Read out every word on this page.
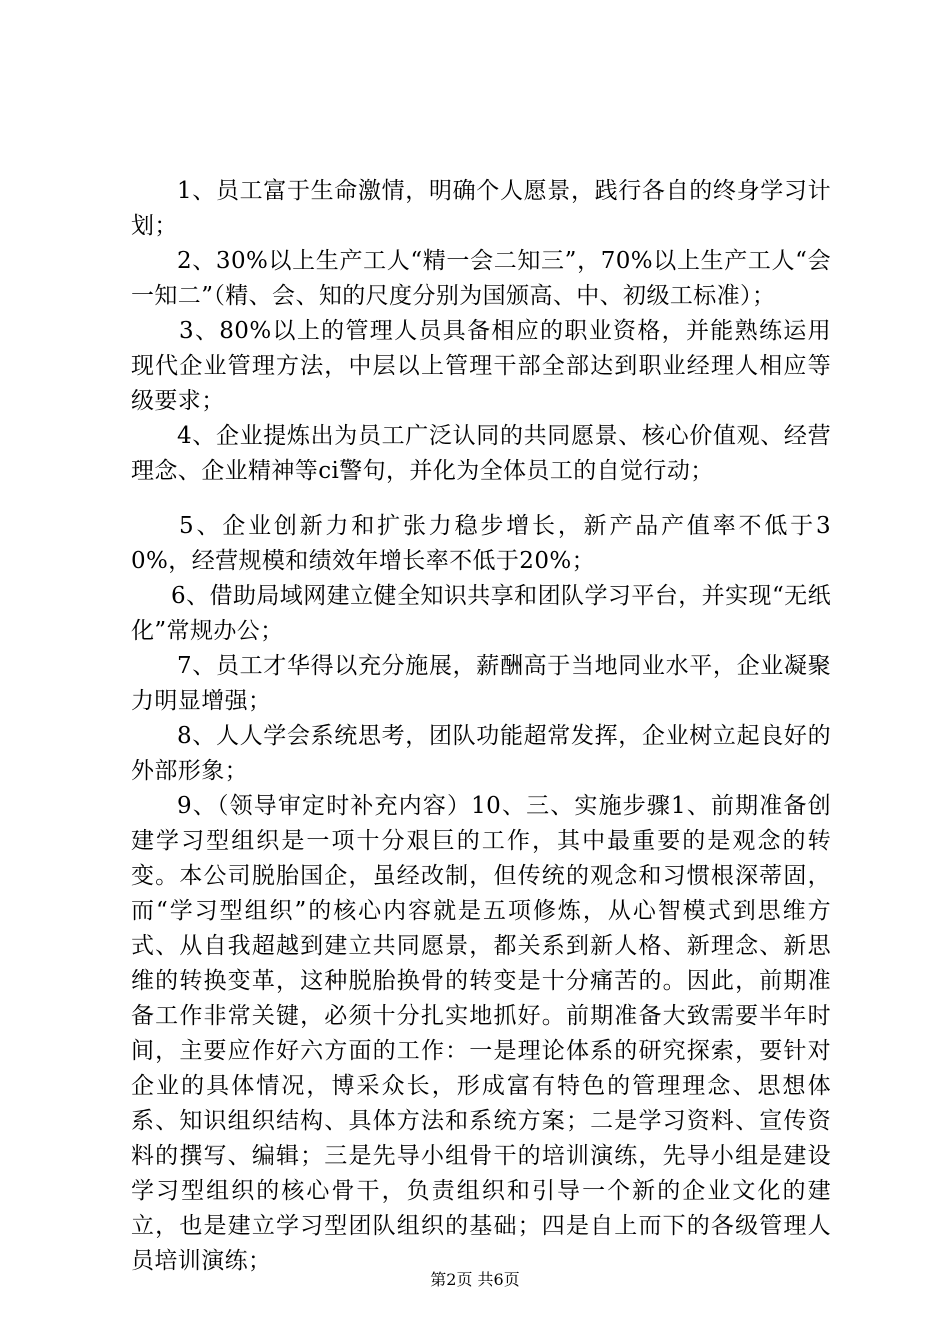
1、员工富于生命激情，明确个人愿景，践行各自的终身学习计划；

2、30%以上生产工人“精一会二知三”，70%以上生产工人“会一知二”（精、会、知的尺度分别为国颁高、中、初级工标准）；

3、80%以上的管理人员具备相应的职业资格，并能熟练运用现代企业管理方法，中层以上管理干部全部达到职业经理人相应等级要求；

4、企业提炼出为员工广泛认同的共同愿景、核心价值观、经营理念、企业精神等ci警句，并化为全体员工的自觉行动；

5、企业创新力和扩张力稳步增长，新产品产值率不低于30%，经营规模和绩效年增长率不低于20%；

6、借助局域网建立健全知识共享和团队学习平台，并实现“无纸化”常规办公；

7、员工才华得以充分施展，薪酬高于当地同业水平，企业凝聚力明显增强；

8、人人学会系统思考，团队功能超常发挥，企业树立起良好的外部形象；

9、（领导审定时补充内容）10、三、实施步骤1、前期准备创建学习型组织是一项十分艰巨的工作，其中最重要的是观念的转变。本公司脱胎国企，虽经改制，但传统的观念和习惯根深蒂固，而“学习型组织”的核心内容就是五项修炼，从心智模式到思维方式、从自我超越到建立共同愿景，都关系到新人格、新理念、新思维的转换变革，这种脱胎换骨的转变是十分痛苦的。因此，前期准备工作非常关键，必须十分扎实地抓好。前期准备大致需要半年时间，主要应作好六方面的工作：一是理论体系的研究探索，要针对企业的具体情况，博采众长，形成富有特色的管理理念、思想体系、知识组织结构、具体方法和系统方案；二是学习资料、宣传资料的撰写、编辑；三是先导小组骨干的培训演练，先导小组是建设学习型组织的核心骨干，负责组织和引导一个新的企业文化的建立，也是建立学习型团队组织的基础；四是自上而下的各级管理人员培训演练；

第2页 共6页
